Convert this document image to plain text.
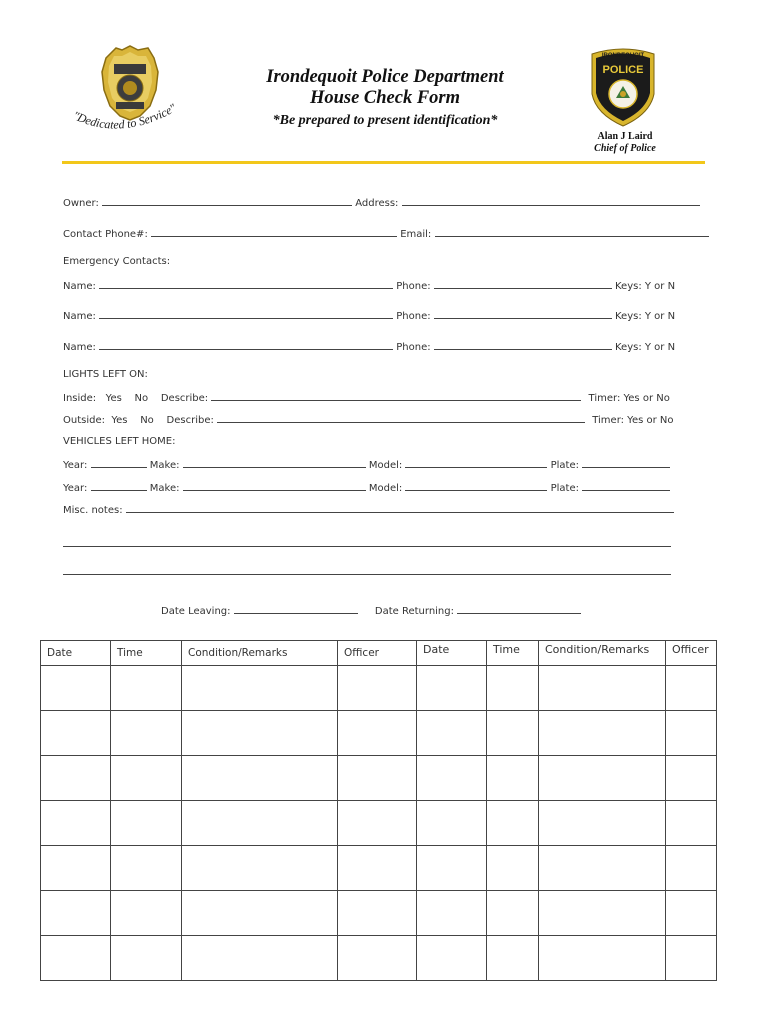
"Dedicated to Service"
Irondequoit Police Department
House Check Form
*Be prepared to present identification*
IRONDEQUOIT
POLICE
Alan J Laird
Chief of Police
Owner:	Address:
Contact Phone#:	Email:
Emergency Contacts:
Name:	Phone:	Keys: Y or N
Name:	Phone:	Keys: Y or N
Name:	Phone:	Keys: Y or N
LIGHTS LEFT ON:
Inside:   Yes    No    Describe:	Timer: Yes or No
Outside:  Yes    No    Describe:	Timer: Yes or No
VEHICLES LEFT HOME:
Year:	Make:	Model:	Plate:
Year:	Make:	Model:	Plate:
Misc. notes:
Date Leaving:	Date Returning:
Date	Time	Condition/Remarks	Officer	Date	Time	Condition/Remarks	Officer
